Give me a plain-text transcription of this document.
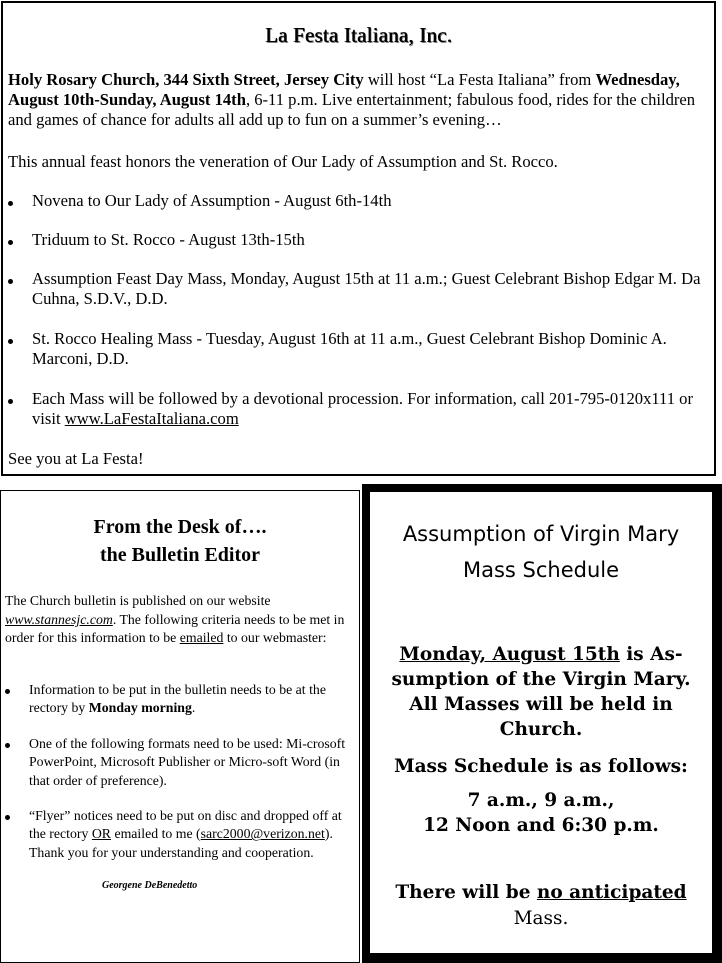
La Festa Italiana, Inc.

Holy Rosary Church, 344 Sixth Street, Jersey City will host “La Festa Italiana” from Wednesday, August 10th-Sunday, August 14th, 6-11 p.m. Live entertainment; fabulous food, rides for the children and games of chance for adults all add up to fun on a summer’s evening…

This annual feast honors the veneration of Our Lady of Assumption and St. Rocco.

Novena to Our Lady of Assumption - August 6th-14th
Triduum to St. Rocco - August 13th-15th
Assumption Feast Day Mass, Monday, August 15th at 11 a.m.; Guest Celebrant Bishop Edgar M. Da Cuhna, S.D.V., D.D.
St. Rocco Healing Mass - Tuesday, August 16th at 11 a.m., Guest Celebrant Bishop Dominic A. Marconi, D.D.
Each Mass will be followed by a devotional procession. For information, call 201-795-0120x111 or visit www.LaFestaItaliana.com

See you at La Festa!

From the Desk of….
the Bulletin Editor

The Church bulletin is published on our website www.stannesjc.com. The following criteria needs to be met in order for this information to be emailed to our webmaster:

Information to be put in the bulletin needs to be at the rectory by Monday morning.
One of the following formats need to be used: Mi-crosoft PowerPoint, Microsoft Publisher or Micro-soft Word (in that order of preference).
“Flyer” notices need to be put on disc and dropped off at the rectory OR emailed to me (sarc2000@verizon.net).
Thank you for your understanding and cooperation.
Georgene DeBenedetto
Assumption of Virgin Mary
Mass Schedule
Monday, August 15th is As-sumption of the Virgin Mary. All Masses will be held in Church.
Mass Schedule is as follows:
7 a.m., 9 a.m.,
12 Noon and 6:30 p.m.
There will be no anticipated
Mass.
